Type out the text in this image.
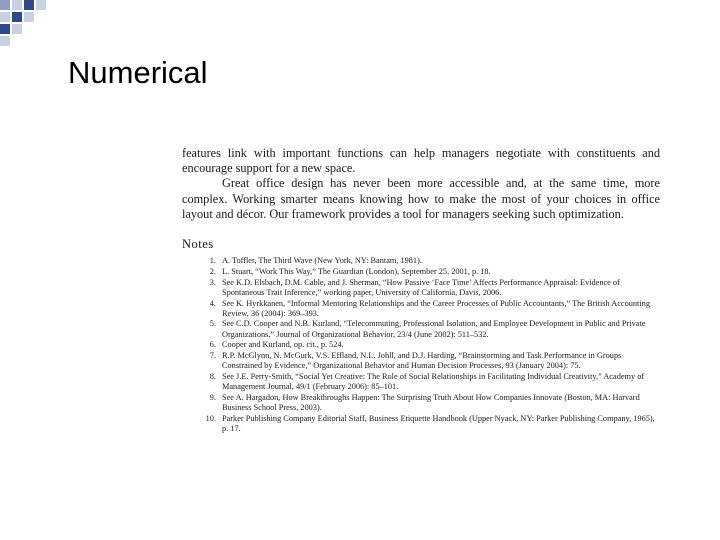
Numerical

features link with important functions can help managers negotiate with constituents and encourage support for a new space.

Great office design has never been more accessible and, at the same time, more complex. Working smarter means knowing how to make the most of your choices in office layout and décor. Our framework provides a tool for managers seeking such optimization.

Notes
1. A. Toffler, The Third Wave (New York, NY: Bantam, 1981).
2. L. Stuart, “Work This Way,” The Guardian (London), September 25, 2001, p. 18.
3. See K.D. Elsbach, D.M. Cable, and J. Sherman, “How Passive ‘Face Time’ Affects Performance Appraisal: Evidence of Spontaneous Trait Inference,” working paper, University of California, Davis, 2006.
4. See K. Hyrkkanen, “Informal Mentoring Relationships and the Career Processes of Public Accountants,” The British Accounting Review, 36 (2004): 369–393.
5. See C.D. Cooper and N.B. Kurland, “Telecommuting, Professional Isolation, and Employee Development in Public and Private Organizations,” Journal of Organizational Behavior, 23/4 (June 2002): 511–532.
6. Cooper and Kurland, op. cit., p. 524.
7. R.P. McGlynn, N. McGurk, V.S. Effland, N.L. Johll, and D.J. Harding, “Brainstorming and Task Performance in Groups Constrained by Evidence,” Organizational Behavior and Human Decision Processes, 93 (January 2004): 75.
8. See J.E. Perry-Smith, “Social Yet Creative: The Role of Social Relationships in Facilitating Individual Creativity,” Academy of Management Journal, 49/1 (February 2006): 85–101.
9. See A. Hargadon, How Breakthroughs Happen: The Surprising Truth About How Companies Innovate (Boston, MA: Harvard Business School Press, 2003).
10. Parker Publishing Company Editorial Staff, Business Etiquette Handbook (Upper Nyack, NY: Parker Publishing Company, 1965), p. 17.
